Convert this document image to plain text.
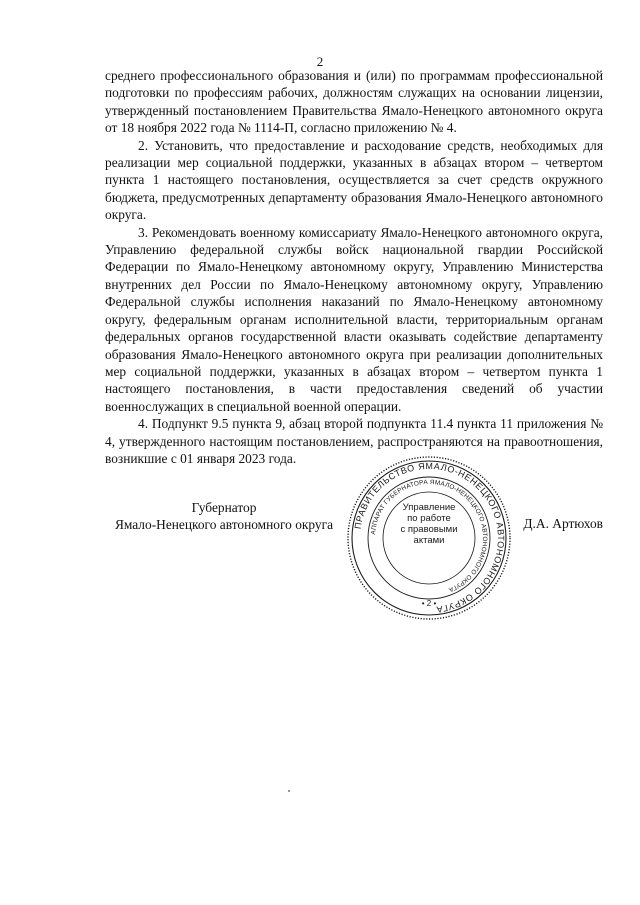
2

среднего профессионального образования и (или) по программам профессиональной подготовки по профессиям рабочих, должностям служащих на основании лицензии, утвержденный постановлением Правительства Ямало-Ненецкого автономного округа от 18 ноября 2022 года № 1114-П, согласно приложению № 4.

2. Установить, что предоставление и расходование средств, необходимых для реализации мер социальной поддержки, указанных в абзацах втором – четвертом пункта 1 настоящего постановления, осуществляется за счет средств окружного бюджета, предусмотренных департаменту образования Ямало-Ненецкого автономного округа.

3. Рекомендовать военному комиссариату Ямало-Ненецкого автономного округа, Управлению федеральной службы войск национальной гвардии Российской Федерации по Ямало-Ненецкому автономному округу, Управлению Министерства внутренних дел России по Ямало-Ненецкому автономному округу, Управлению Федеральной службы исполнения наказаний по Ямало-Ненецкому автономному округу, федеральным органам исполнительной власти, территориальным органам федеральных органов государственной власти оказывать содействие департаменту образования Ямало-Ненецкого автономного округа при реализации дополнительных мер социальной поддержки, указанных в абзацах втором – четвертом пункта 1 настоящего постановления, в части предоставления сведений об участии военнослужащих в специальной военной операции.

4. Подпункт 9.5 пункта 9, абзац второй подпункта 11.4 пункта 11 приложения № 4, утвержденного настоящим постановлением, распространяются на правоотношения, возникшие с 01 января 2023 года.

Губернатор
Ямало-Ненецкого автономного округа	Д.А. Артюхов
ПРАВИТЕЛЬСТВО ЯМАЛО-НЕНЕЦКОГО АВТОНОМНОГО ОКРУГА
АППАРАТ ГУБЕРНАТОРА ЯМАЛО-НЕНЕЦКОГО АВТОНОМНОГО ОКРУГА
• 2 •
Управление
по работе
с правовыми
актами
